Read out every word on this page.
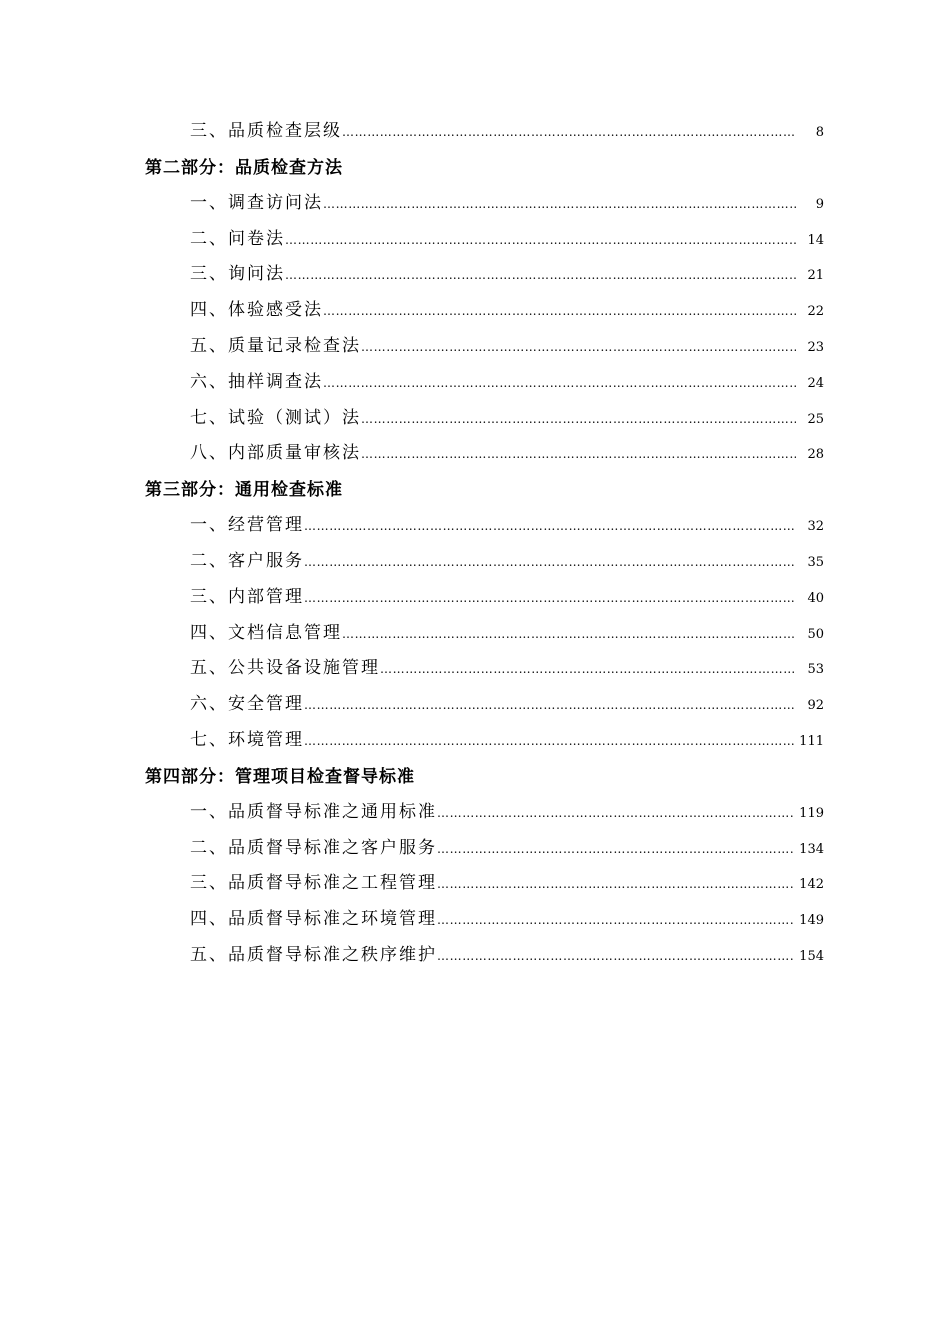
三、品质检查层级 …………………………………………………………………………………………………………………………………………………………………………………………………………	8
第二部分：品质检查方法
一、调查访问法 …………………………………………………………………………………………………………………………………………………………………………………………………………	9
二、问卷法 …………………………………………………………………………………………………………………………………………………………………………………………………………	14
三、询问法 …………………………………………………………………………………………………………………………………………………………………………………………………………	21
四、体验感受法 …………………………………………………………………………………………………………………………………………………………………………………………………………	22
五、质量记录检查法 …………………………………………………………………………………………………………………………………………………………………………………………………………	23
六、抽样调查法 …………………………………………………………………………………………………………………………………………………………………………………………………………	24
七、试验（测试）法 …………………………………………………………………………………………………………………………………………………………………………………………………………	25
八、内部质量审核法 …………………………………………………………………………………………………………………………………………………………………………………………………………	28
第三部分：通用检查标准
一、经营管理 …………………………………………………………………………………………………………………………………………………………………………………………………………	32
二、客户服务 …………………………………………………………………………………………………………………………………………………………………………………………………………	35
三、内部管理 …………………………………………………………………………………………………………………………………………………………………………………………………………	40
四、文档信息管理 …………………………………………………………………………………………………………………………………………………………………………………………………………	50
五、公共设备设施管理 …………………………………………………………………………………………………………………………………………………………………………………………………………	53
六、安全管理 …………………………………………………………………………………………………………………………………………………………………………………………………………	92
七、环境管理 …………………………………………………………………………………………………………………………………………………………………………………………………………	111
第四部分：管理项目检查督导标准
一、品质督导标准之通用标准 …………………………………………………………………………………………………………………………………………………………………………………………………………	119
二、品质督导标准之客户服务 …………………………………………………………………………………………………………………………………………………………………………………………………………	134
三、品质督导标准之工程管理 …………………………………………………………………………………………………………………………………………………………………………………………………………	142
四、品质督导标准之环境管理 …………………………………………………………………………………………………………………………………………………………………………………………………………	149
五、品质督导标准之秩序维护 …………………………………………………………………………………………………………………………………………………………………………………………………………	154
